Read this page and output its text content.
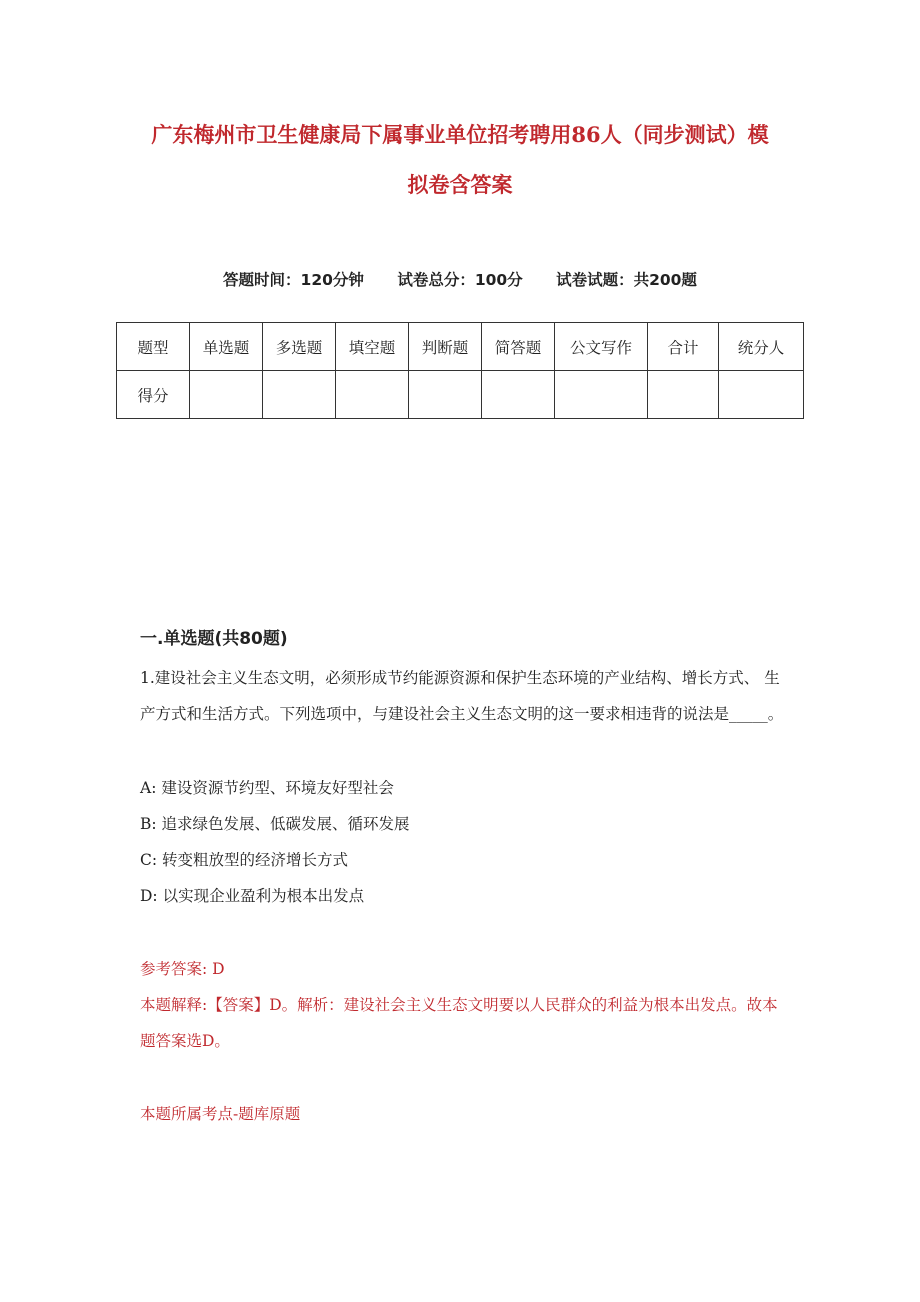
广东梅州市卫生健康局下属事业单位招考聘用86人（同步测试）模
拟卷含答案
答题时间：120分钟 试卷总分：100分 试卷试题：共200题
题型	单选题	多选题	填空题	判断题	简答题	公文写作	合计	统分人
得分								
一.单选题(共80题)
1.建设社会主义生态文明，必须形成节约能源资源和保护生态环境的产业结构、增长方式、 生产方式和生活方式。下列选项中，与建设社会主义生态文明的这一要求相违背的说法是_____。
A: 建设资源节约型、环境友好型社会
B: 追求绿色发展、低碳发展、循环发展
C: 转变粗放型的经济增长方式
D: 以实现企业盈利为根本出发点
参考答案: D
本题解释:【答案】D。解析：建设社会主义生态文明要以人民群众的利益为根本出发点。故本题答案选D。
本题所属考点-题库原题
